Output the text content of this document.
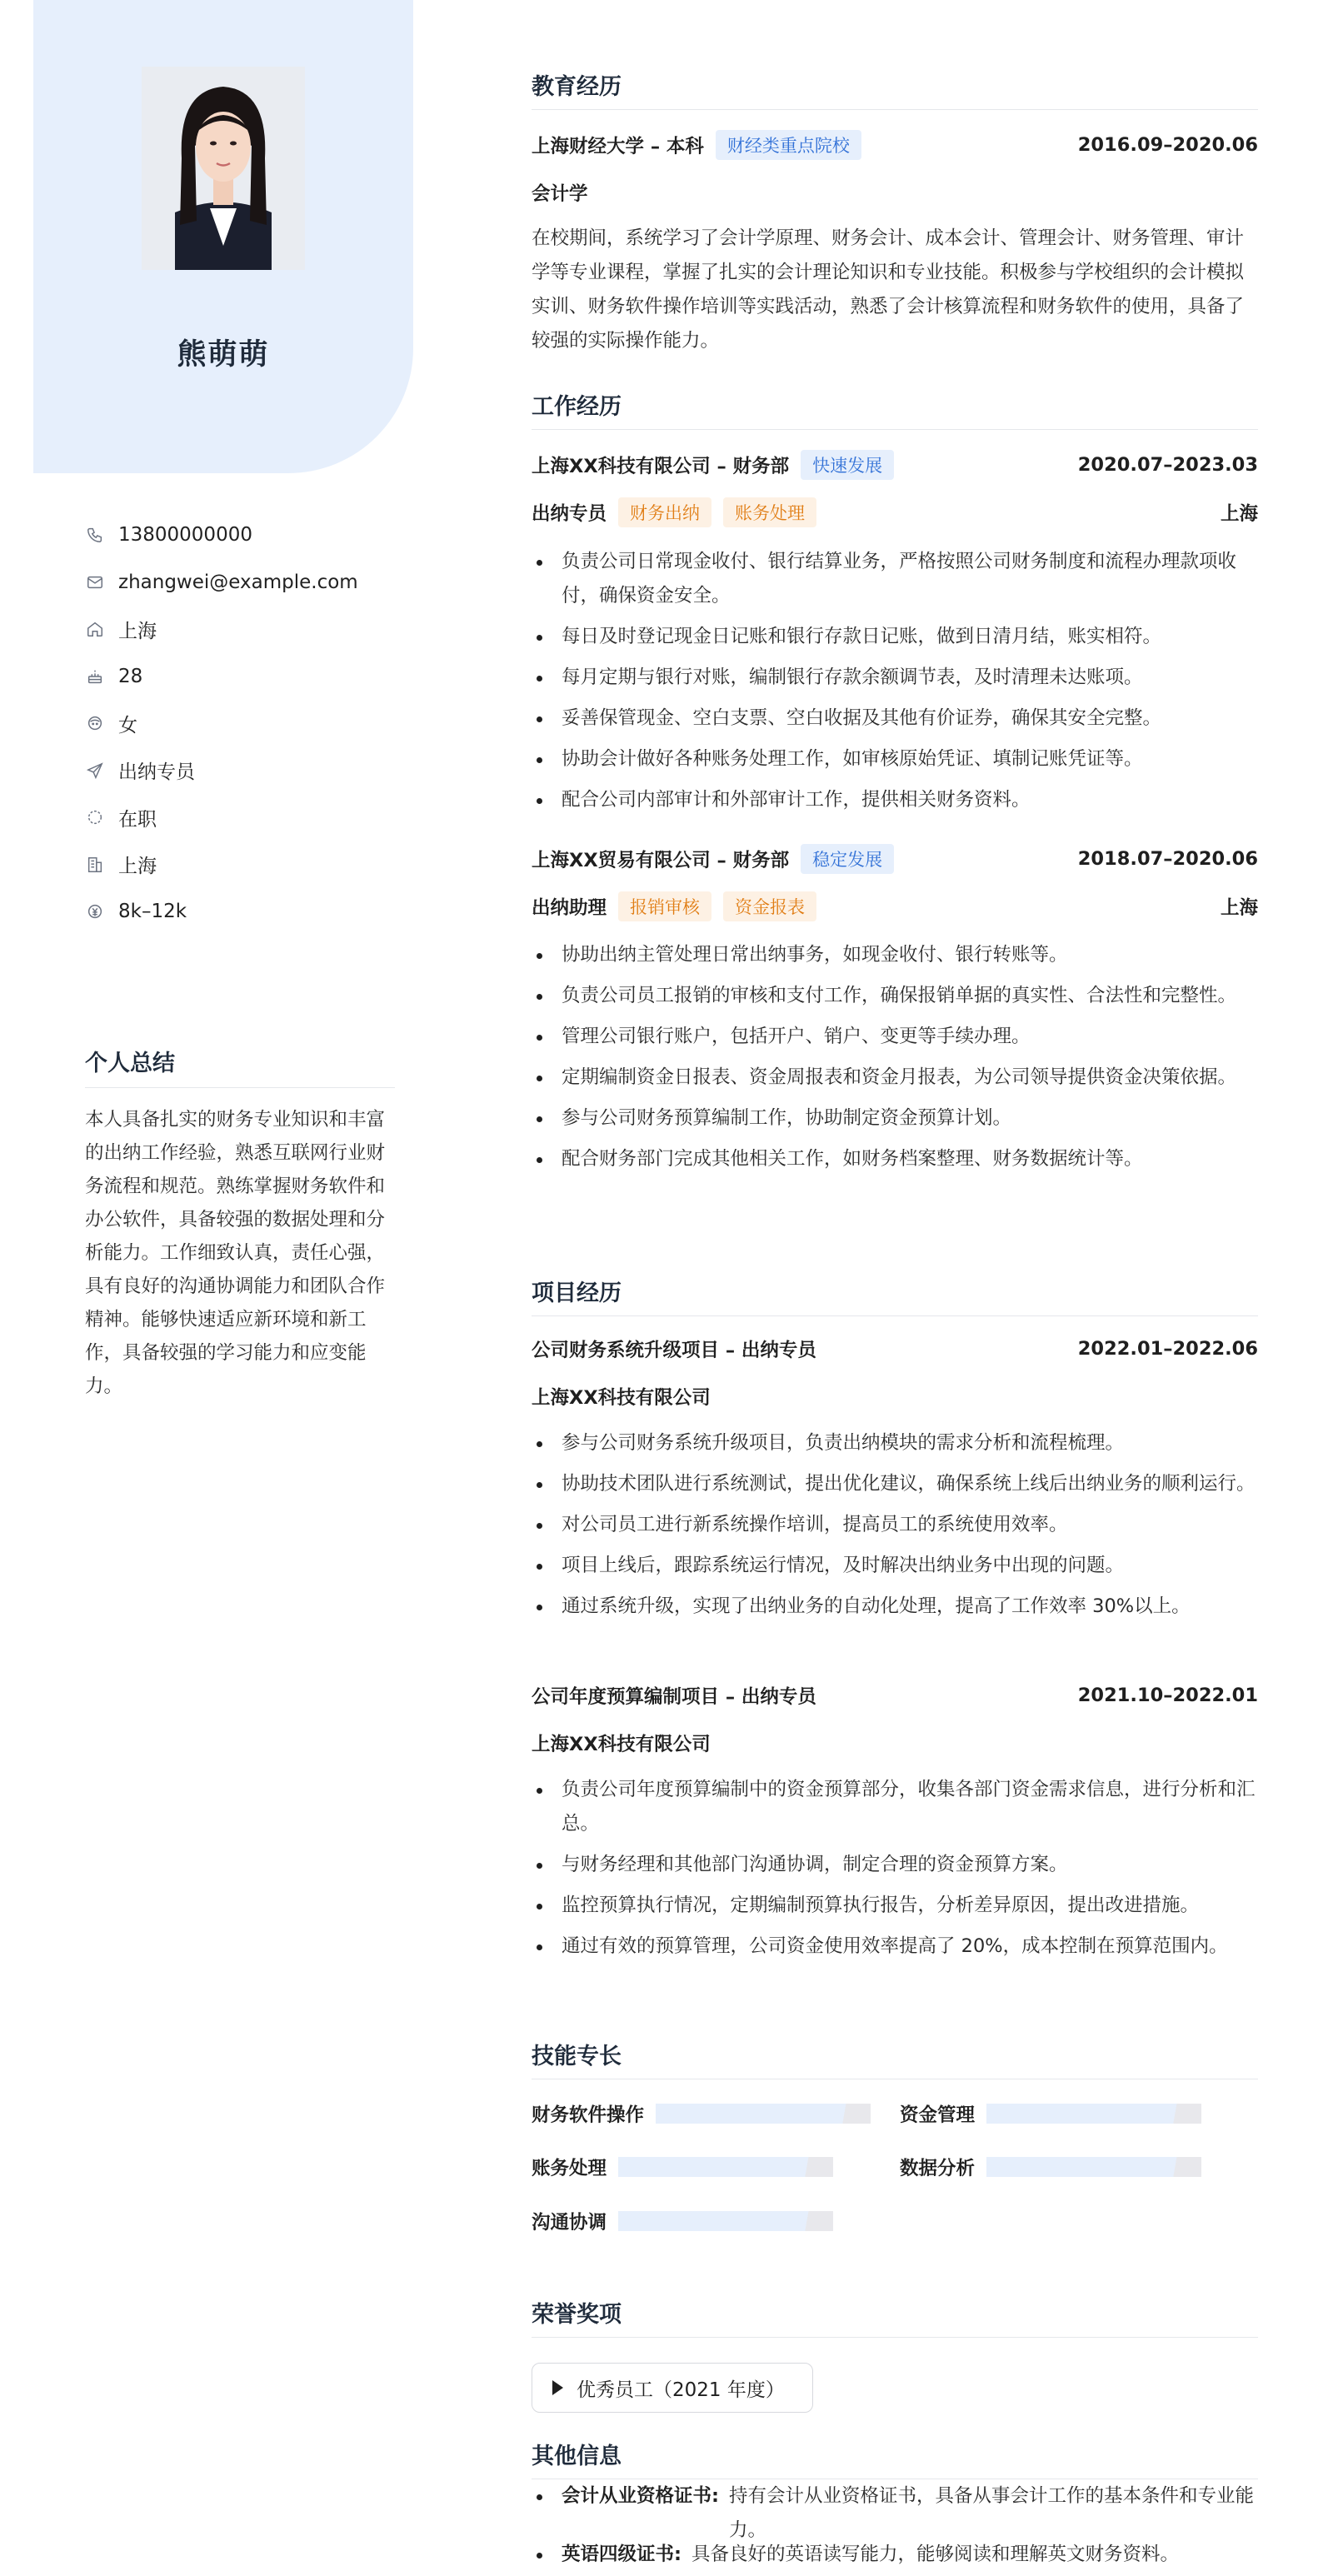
熊萌萌
13800000000
zhangwei@example.com
上海
28
女
出纳专员
在职
上海
8k–12k
个人总结
本人具备扎实的财务专业知识和丰富的出纳工作经验，熟悉互联网行业财务流程和规范。熟练掌握财务软件和办公软件，具备较强的数据处理和分析能力。工作细致认真，责任心强，具有良好的沟通协调能力和团队合作精神。能够快速适应新环境和新工作，具备较强的学习能力和应变能力。
教育经历
上海财经大学 – 本科	财经类重点院校	2016.09–2020.06
会计学
在校期间，系统学习了会计学原理、财务会计、成本会计、管理会计、财务管理、审计学等专业课程，掌握了扎实的会计理论知识和专业技能。积极参与学校组织的会计模拟实训、财务软件操作培训等实践活动，熟悉了会计核算流程和财务软件的使用，具备了较强的实际操作能力。
工作经历
上海XX科技有限公司 – 财务部	快速发展	2020.07–2023.03
出纳专员	财务出纳	账务处理	上海
负责公司日常现金收付、银行结算业务，严格按照公司财务制度和流程办理款项收付，确保资金安全。
每日及时登记现金日记账和银行存款日记账，做到日清月结，账实相符。
每月定期与银行对账，编制银行存款余额调节表，及时清理未达账项。
妥善保管现金、空白支票、空白收据及其他有价证券，确保其安全完整。
协助会计做好各种账务处理工作，如审核原始凭证、填制记账凭证等。
配合公司内部审计和外部审计工作，提供相关财务资料。
上海XX贸易有限公司 – 财务部	稳定发展	2018.07–2020.06
出纳助理	报销审核	资金报表	上海
协助出纳主管处理日常出纳事务，如现金收付、银行转账等。
负责公司员工报销的审核和支付工作，确保报销单据的真实性、合法性和完整性。
管理公司银行账户，包括开户、销户、变更等手续办理。
定期编制资金日报表、资金周报表和资金月报表，为公司领导提供资金决策依据。
参与公司财务预算编制工作，协助制定资金预算计划。
配合财务部门完成其他相关工作，如财务档案整理、财务数据统计等。
项目经历
公司财务系统升级项目 – 出纳专员	2022.01–2022.06
上海XX科技有限公司
参与公司财务系统升级项目，负责出纳模块的需求分析和流程梳理。
协助技术团队进行系统测试，提出优化建议，确保系统上线后出纳业务的顺利运行。
对公司员工进行新系统操作培训，提高员工的系统使用效率。
项目上线后，跟踪系统运行情况，及时解决出纳业务中出现的问题。
通过系统升级，实现了出纳业务的自动化处理，提高了工作效率 30%以上。
公司年度预算编制项目 – 出纳专员	2021.10–2022.01
上海XX科技有限公司
负责公司年度预算编制中的资金预算部分，收集各部门资金需求信息，进行分析和汇总。
与财务经理和其他部门沟通协调，制定合理的资金预算方案。
监控预算执行情况，定期编制预算执行报告，分析差异原因，提出改进措施。
通过有效的预算管理，公司资金使用效率提高了 20%，成本控制在预算范围内。
技能专长
财务软件操作	资金管理
账务处理	数据分析
沟通协调
荣誉奖项
优秀员工（2021 年度）
其他信息
会计从业资格证书: 持有会计从业资格证书，具备从事会计工作的基本条件和专业能力。
英语四级证书: 具备良好的英语读写能力，能够阅读和理解英文财务资料。
